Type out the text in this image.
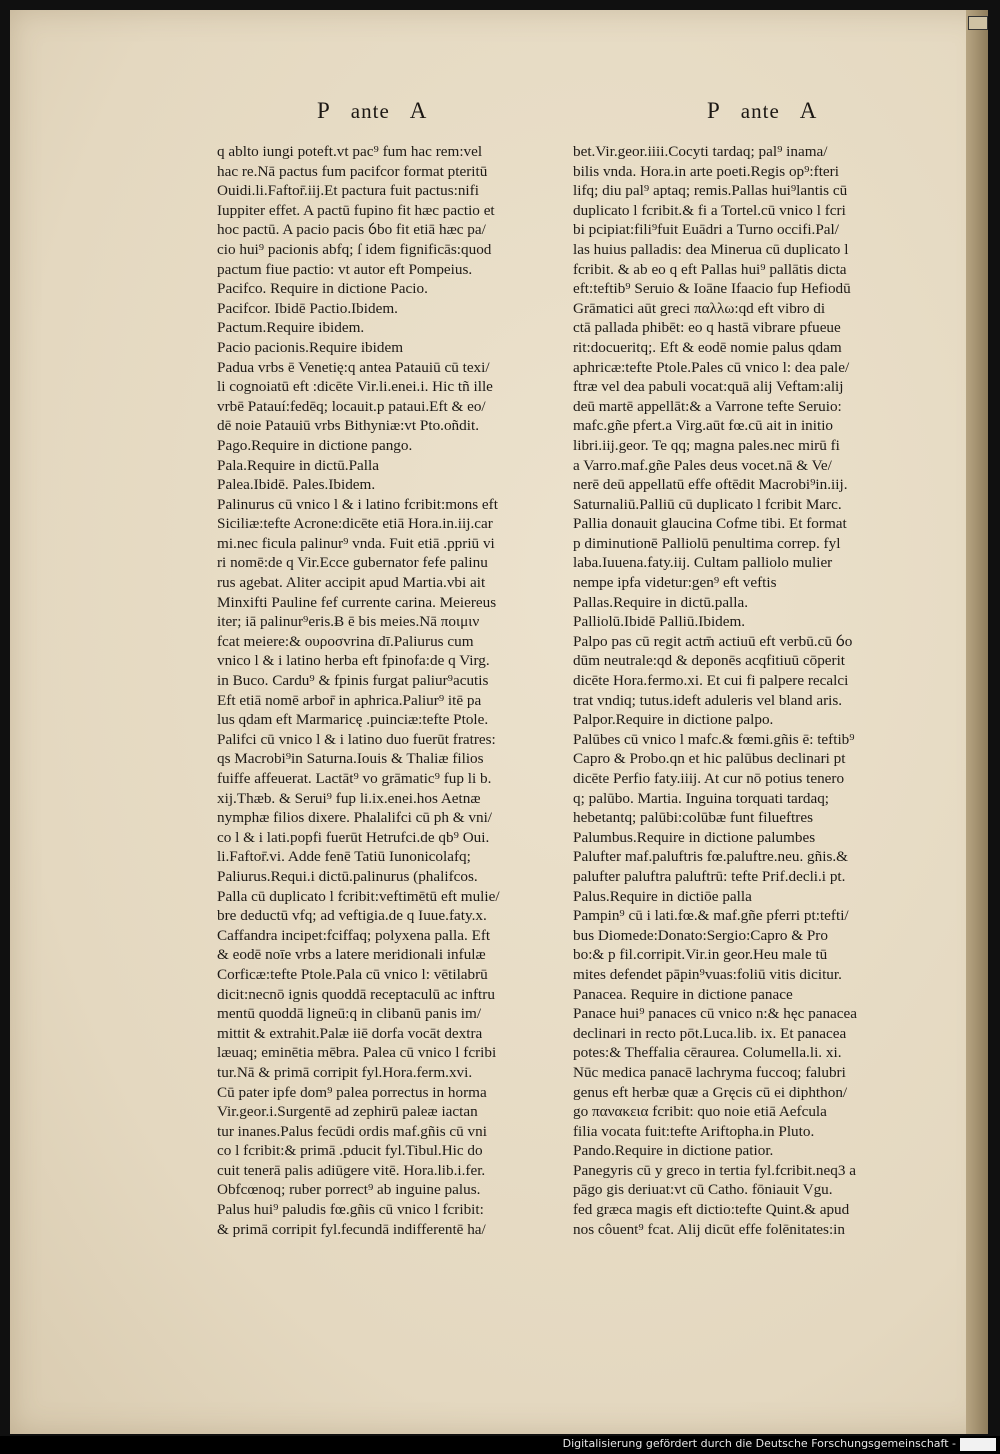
P ante A	P ante A
q ablto iungi poteft.vt pac⁹ fum hac rem:vel
hac re.Nā pactus fum pacifcor format pteritū
Ouidi.li.Faftor̄.iij.Et pactura fuit pactus:nifi
Iuppiter effet. A pactū fupino fit hæc pactio et
hoc pactū. A pacio pacis ỽbo fit etiā hæc pa/
cio hui⁹ pacionis abfq; ſ idem fignificās:quod
pactum fiue pactio: vt autor eft Pompeius.
Pacifco. Require in dictione Pacio.
Pacifcor. Ibidē Pactio.Ibidem.
Pactum.Require ibidem.
Pacio pacionis.Require ibidem
Padua vrbs ē Venetię:q antea Patauiū cū texi/
li cognoiatū eft :dicēte Vir.li.enei.i. Hic tñ ille
vrbē Patauí:fedēq; locauit.p pataui.Eft & eo/
dē noie Patauiū vrbs Bithyniæ:vt Pto.oñdit.
Pago.Require in dictione pango.
Pala.Require in dictū.Palla
Palea.Ibidē. Pales.Ibidem.
Palinurus cū vnico l & i latino fcribit:mons eft
Siciliæ:tefte Acrone:dicēte etiā Hora.in.iij.car
mi.nec ficula palinur⁹ vnda. Fuit etiā .ppriū vi
ri nomē:de q Vir.Ecce gubernator fefe palinu
rus agebat. Aliter accipit apud Martia.vbi ait
Minxifti Pauline fef currente carina. Meiereus
iter; iā palinur⁹eris.Ƀ ē bis meies.Nā ποιμιν
fcat meiere:& ουροσvrina dī.Paliurus cum
vnico l & i latino herba eft fpinofa:de q Virg.
in Buco. Cardu⁹ & fpinis furgat paliur⁹acutis
Eft etiā nomē arbor̄ in aphrica.Paliur⁹ itē pa
lus qdam eft Marmaricę .puinciæ:tefte Ptole.
Palifci cū vnico l & i latino duo fuerūt fratres:
qs Macrobi⁹in Saturna.Iouis & Thaliæ filios
fuiffe affeuerat. Lactāt⁹ vo grāmatic⁹ fup li b.
xij.Thæb. & Serui⁹ fup li.ix.enei.hos Aetnæ
nymphæ filios dixere. Phalalifci cū ph & vni/
co l & i lati.popfi fuerūt Hetrufci.de qb⁹ Oui.
li.Faftor̄.vi. Adde fenē Tatiū Iunonicolafq;
Paliurus.Requi.i dictū.palinurus (phalifcos.
Palla cū duplicato l fcribit:veftimētū eft mulie/
bre deductū vfq; ad veftigia.de q Iuue.faty.x.
Caffandra incipet:fciffaq; polyxena palla. Eft
& eodē noīe vrbs a latere meridionali infulæ
Corficæ:tefte Ptole.Pala cū vnico l: vētilabrū
dicit:necnō ignis quoddā receptaculū ac inftru
mentū quoddā ligneū:q in clibanū panis im/
mittit & extrahit.Palæ iiē dorfa vocāt dextra
læuaq; eminētia mēbra. Palea cū vnico l fcribi
tur.Nā & primā corripit fyl.Hora.ferm.xvi.
Cū pater ipfe dom⁹ palea porrectus in horma
Vir.geor.i.Surgentē ad zephirū paleæ iactan
tur inanes.Palus fecūdi ordis maf.gñis cū vni
co l fcribit:& primā .pducit fyl.Tibul.Hic do
cuit tenerā palis adiūgere vitē. Hora.lib.i.fer.
Obfcœnoq; ruber porrect⁹ ab inguine palus.
Palus hui⁹ paludis fœ.gñis cū vnico l fcribit:
& primā corripit fyl.fecundā indifferentē ha/
bet.Vir.geor.iiii.Cocyti tardaq; pal⁹ inama/
bilis vnda. Hora.in arte poeti.Regis op⁹:fteri
lifq; diu pal⁹ aptaq; remis.Pallas hui⁹lantis cū
duplicato l fcribit.& fi a Tortel.cū vnico l fcri
bi pcipiat:fili⁹fuit Euādri a Turno occifi.Pal/
las huius palladis: dea Minerua cū duplicato l
fcribit. & ab eo q eft Pallas hui⁹ pallātis dicta
eft:teftib⁹ Seruio & Ioāne Ifaacio fup Hefiodū
Grāmatici aūt greci παλλω:qd eft vibro di
ctā pallada phibēt: eo q hastā vibrare pfueue
rit:docueritq;. Eft & eodē nomie palus qdam
aphricæ:tefte Ptole.Pales cū vnico l: dea pale/
ftræ vel dea pabuli vocat:quā alij Veftam:alij
deū martē appellāt:& a Varrone tefte Seruio:
mafc.gñe pfert.a Virg.aūt fœ.cū ait in initio
libri.iij.geor. Te qq; magna pales.nec mirū fi
a Varro.maf.gñe Pales deus vocet.nā & Ve/
nerē deū appellatū effe oftēdit Macrobi⁹in.iij.
Saturnaliū.Palliū cū duplicato l fcribit Marc.
Pallia donauit glaucina Cofme tibi. Et format
p diminutionē Palliolū penultima correp. fyl
laba.Iuuena.faty.iij. Cultam palliolo mulier
nempe ipfa videtur:gen⁹ eft veftis
Pallas.Require in dictū.palla.
Palliolū.Ibidē Palliū.Ibidem.
Palpo pas cū regit actm̄ actiuū eft verbū.cū ỽo
dūm neutrale:qd & deponēs acqfitiuū cōperit
dicēte Hora.fermo.xi. Et cui fi palpere recalci
trat vndiq; tutus.ideft aduleris vel bland aris.
Palpor.Require in dictione palpo.
Palūbes cū vnico l mafc.& fœmi.gñis ē: teftib⁹
Capro & Probo.qn et hic palūbus declinari pt
dicēte Perfio faty.iiij. At cur nō potius tenero
q; palūbo. Martia. Inguina torquati tardaq;
hebetantq; palūbi:colūbæ funt filueftres
Palumbus.Require in dictione palumbes
Palufter maf.paluftris fœ.paluftre.neu. gñis.&
palufter paluftra paluftrū: tefte Prif.decli.i pt.
Palus.Require in dictiōe palla
Pampin⁹ cū i lati.fœ.& maf.gñe pferri pt:tefti/
bus Diomede:Donato:Sergio:Capro & Pro
bo:& p fil.corripit.Vir.in geor.Heu male tū
mites defendet pāpin⁹vuas:foliū vitis dicitur.
Panacea. Require in dictione panace
Panace hui⁹ panaces cū vnico n:& hęc panacea
declinari in recto pōt.Luca.lib. ix. Et panacea
potes:& Theffalia cēraurea. Columella.li. xi.
Nūc medica panacē lachryma fuccoq; falubri
genus eft herbæ quæ a Gręcis cū ei diphthon/
go πανακεια fcribit: quo noie etiā Aefcula
filia vocata fuit:tefte Ariftopha.in Pluto.
Pando.Require in dictione patior.
Panegyris cū y greco in tertia fyl.fcribit.neq3 a
pāgo gis deriuat:vt cū Catho. fōniauit Vgu.
fed græca magis eft dictio:tefte Quint.& apud
nos côuent⁹ fcat. Alij dicūt effe folēnitates:in
Digitalisierung gefördert durch die Deutsche Forschungsgemeinschaft -
